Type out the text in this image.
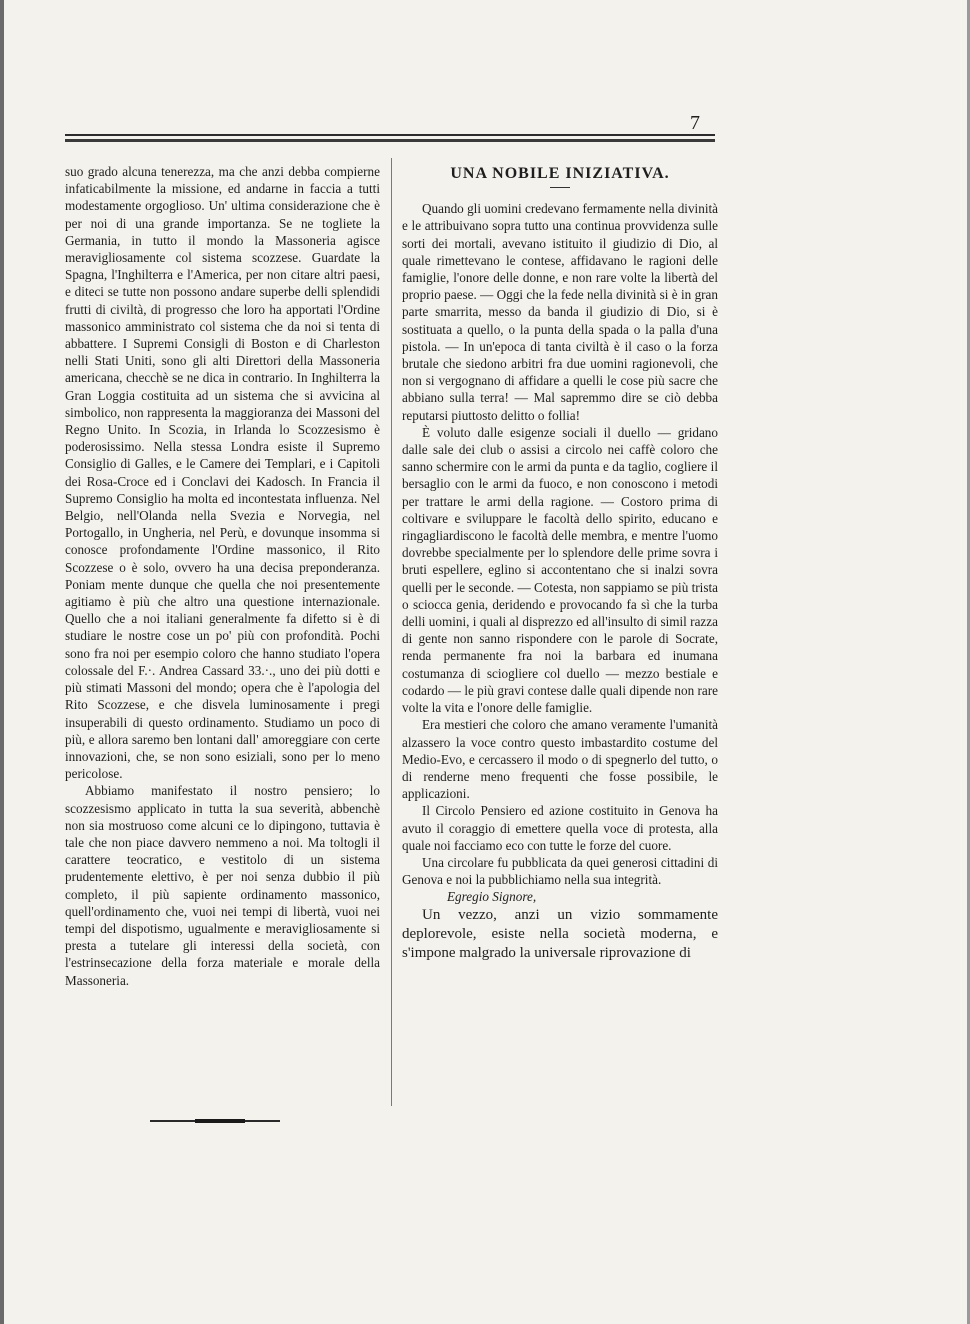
7

suo grado alcuna tenerezza, ma che anzi debba compierne infaticabilmente la missione, ed andarne in faccia a tutti modestamente orgoglioso. Un' ultima considerazione che è per noi di una grande importanza. Se ne togliete la Germania, in tutto il mondo la Massoneria agisce meravigliosamente col sistema scozzese. Guardate la Spagna, l'Inghilterra e l'America, per non citare altri paesi, e diteci se tutte non possono andare superbe delli splendidi frutti di civiltà, di progresso che loro ha apportati l'Ordine massonico amministrato col sistema che da noi si tenta di abbattere. I Supremi Consigli di Boston e di Charleston nelli Stati Uniti, sono gli alti Direttori della Massoneria americana, checchè se ne dica in contrario. In Inghilterra la Gran Loggia costituita ad un sistema che si avvicina al simbolico, non rappresenta la maggioranza dei Massoni del Regno Unito. In Scozia, in Irlanda lo Scozzesismo è poderosissimo. Nella stessa Londra esiste il Supremo Consiglio di Galles, e le Camere dei Templari, e i Capitoli dei Rosa-Croce ed i Conclavi dei Kadosch. In Francia il Supremo Consiglio ha molta ed incontestata influenza. Nel Belgio, nell'Olanda nella Svezia e Norvegia, nel Portogallo, in Ungheria, nel Perù, e dovunque insomma si conosce profondamente l'Ordine massonico, il Rito Scozzese o è solo, ovvero ha una decisa preponderanza. Poniam mente dunque che quella che noi presentemente agitiamo è più che altro una questione internazionale. Quello che a noi italiani generalmente fa difetto si è di studiare le nostre cose un po' più con profondità. Pochi sono fra noi per esempio coloro che hanno studiato l'opera colossale del F.·. Andrea Cassard 33.·., uno dei più dotti e più stimati Massoni del mondo; opera che è l'apologia del Rito Scozzese, e che disvela luminosamente i pregi insuperabili di questo ordinamento. Studiamo un poco di più, e allora saremo ben lontani dall' amoreggiare con certe innovazioni, che, se non sono esiziali, sono per lo meno pericolose.

Abbiamo manifestato il nostro pensiero; lo scozzesismo applicato in tutta la sua severità, abbenchè non sia mostruoso come alcuni ce lo dipingono, tuttavia è tale che non piace davvero nemmeno a noi. Ma toltogli il carattere teocratico, e vestitolo di un sistema prudentemente elettivo, è per noi senza dubbio il più completo, il più sapiente ordinamento massonico, quell'ordinamento che, vuoi nei tempi di libertà, vuoi nei tempi del dispotismo, ugualmente e meravigliosamente si presta a tutelare gli interessi della società, con l'estrinsecazione della forza materiale e morale della Massoneria.

UNA NOBILE INIZIATIVA.

Quando gli uomini credevano fermamente nella divinità e le attribuivano sopra tutto una continua provvidenza sulle sorti dei mortali, avevano istituito il giudizio di Dio, al quale rimettevano le contese, affidavano le ragioni delle famiglie, l'onore delle donne, e non rare volte la libertà del proprio paese. — Oggi che la fede nella divinità si è in gran parte smarrita, messo da banda il giudizio di Dio, si è sostituata a quello, o la punta della spada o la palla d'una pistola. — In un'epoca di tanta civiltà è il caso o la forza brutale che siedono arbitri fra due uomini ragionevoli, che non si vergognano di affidare a quelli le cose più sacre che abbiano sulla terra! — Mal sapremmo dire se ciò debba reputarsi piuttosto delitto o follia!

È voluto dalle esigenze sociali il duello — gridano dalle sale dei club o assisi a circolo nei caffè coloro che sanno schermire con le armi da punta e da taglio, cogliere il bersaglio con le armi da fuoco, e non conoscono i metodi per trattare le armi della ragione. — Costoro prima di coltivare e sviluppare le facoltà dello spirito, educano e ringagliardiscono le facoltà delle membra, e mentre l'uomo dovrebbe specialmente per lo splendore delle prime sovra i bruti espellere, eglino si accontentano che si inalzi sovra quelli per le seconde. — Cotesta, non sappiamo se più trista o sciocca genia, deridendo e provocando fa sì che la turba delli uomini, i quali al disprezzo ed all'insulto di simil razza di gente non sanno rispondere con le parole di Socrate, renda permanente fra noi la barbara ed inumana costumanza di sciogliere col duello — mezzo bestiale e codardo — le più gravi contese dalle quali dipende non rare volte la vita e l'onore delle famiglie.

Era mestieri che coloro che amano veramente l'umanità alzassero la voce contro questo imbastardito costume del Medio-Evo, e cercassero il modo o di spegnerlo del tutto, o di renderne meno frequenti che fosse possibile, le applicazioni.

Il Circolo Pensiero ed azione costituito in Genova ha avuto il coraggio di emettere quella voce di protesta, alla quale noi facciamo eco con tutte le forze del cuore.

Una circolare fu pubblicata da quei generosi cittadini di Genova e noi la pubblichiamo nella sua integrità.

Egregio Signore,

Un vezzo, anzi un vizio sommamente deplorevole, esiste nella società moderna, e s'impone malgrado la universale riprovazione di
